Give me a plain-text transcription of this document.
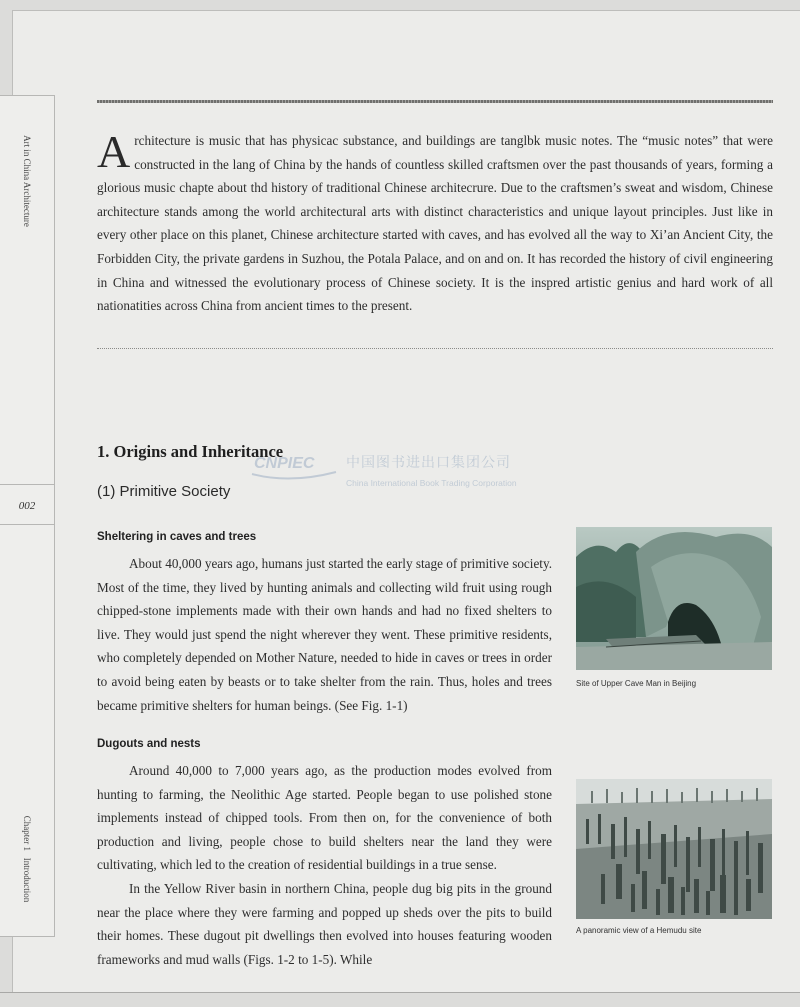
Art in China Architecture
002
Chapter 1   Introduction
Architecture is music that has physicac substance, and buildings are tanglbk music notes. The “music notes” that were constructed in the lang of China by the hands of countless skilled craftsmen over the past thousands of years, forming a glorious music chapte about thd history of traditional Chinese architecrure. Due to the craftsmen’s sweat and wisdom, Chinese architecture stands among the world architectural arts with distinct characteristics and unique layout principles. Just like in every other place on this planet, Chinese architecture started with caves, and has evolved all the way to Xi’an Ancient City, the Forbidden City, the private gardens in Suzhou, the Potala Palace, and on and on. It has recorded the history of civil engineering in China and witnessed the evolutionary process of Chinese society. It is the inspred artistic genius and hard work of all nationatities across China from ancient times to the present.
1. Origins and Inheritance
(1) Primitive Society
CNPIEC 中国图书进出口集团公司
China International Book Trading Corporation
Sheltering in caves and trees

About 40,000 years ago, humans just started the early stage of primitive society. Most of the time, they lived by hunting animals and collecting wild fruit using rough chipped-stone implements made with their own hands and had no fixed shelters to live. They would just spend the night wherever they went. These primitive residents, who completely depended on Mother Nature, needed to hide in caves or trees in order to avoid being eaten by beasts or to take shelter from the rain. Thus, holes and trees became primitive shelters for human beings. (See Fig. 1-1)

Site of Upper Cave Man in Beijing
Dugouts and nests

Around 40,000 to 7,000 years ago, as the production modes evolved from hunting to farming, the Neolithic Age started. People began to use polished stone implements instead of chipped tools. From then on, for the convenience of both production and living, people chose to build shelters near the land they were cultivating, which led to the creation of residential buildings in a true sense.

In the Yellow River basin in northern China, people dug big pits in the ground near the place where they were farming and popped up sheds over the pits to build their homes. These dugout pit dwellings then evolved into houses featuring wooden frameworks and mud walls (Figs. 1-2 to 1-5). While

A panoramic view of a Hemudu site
